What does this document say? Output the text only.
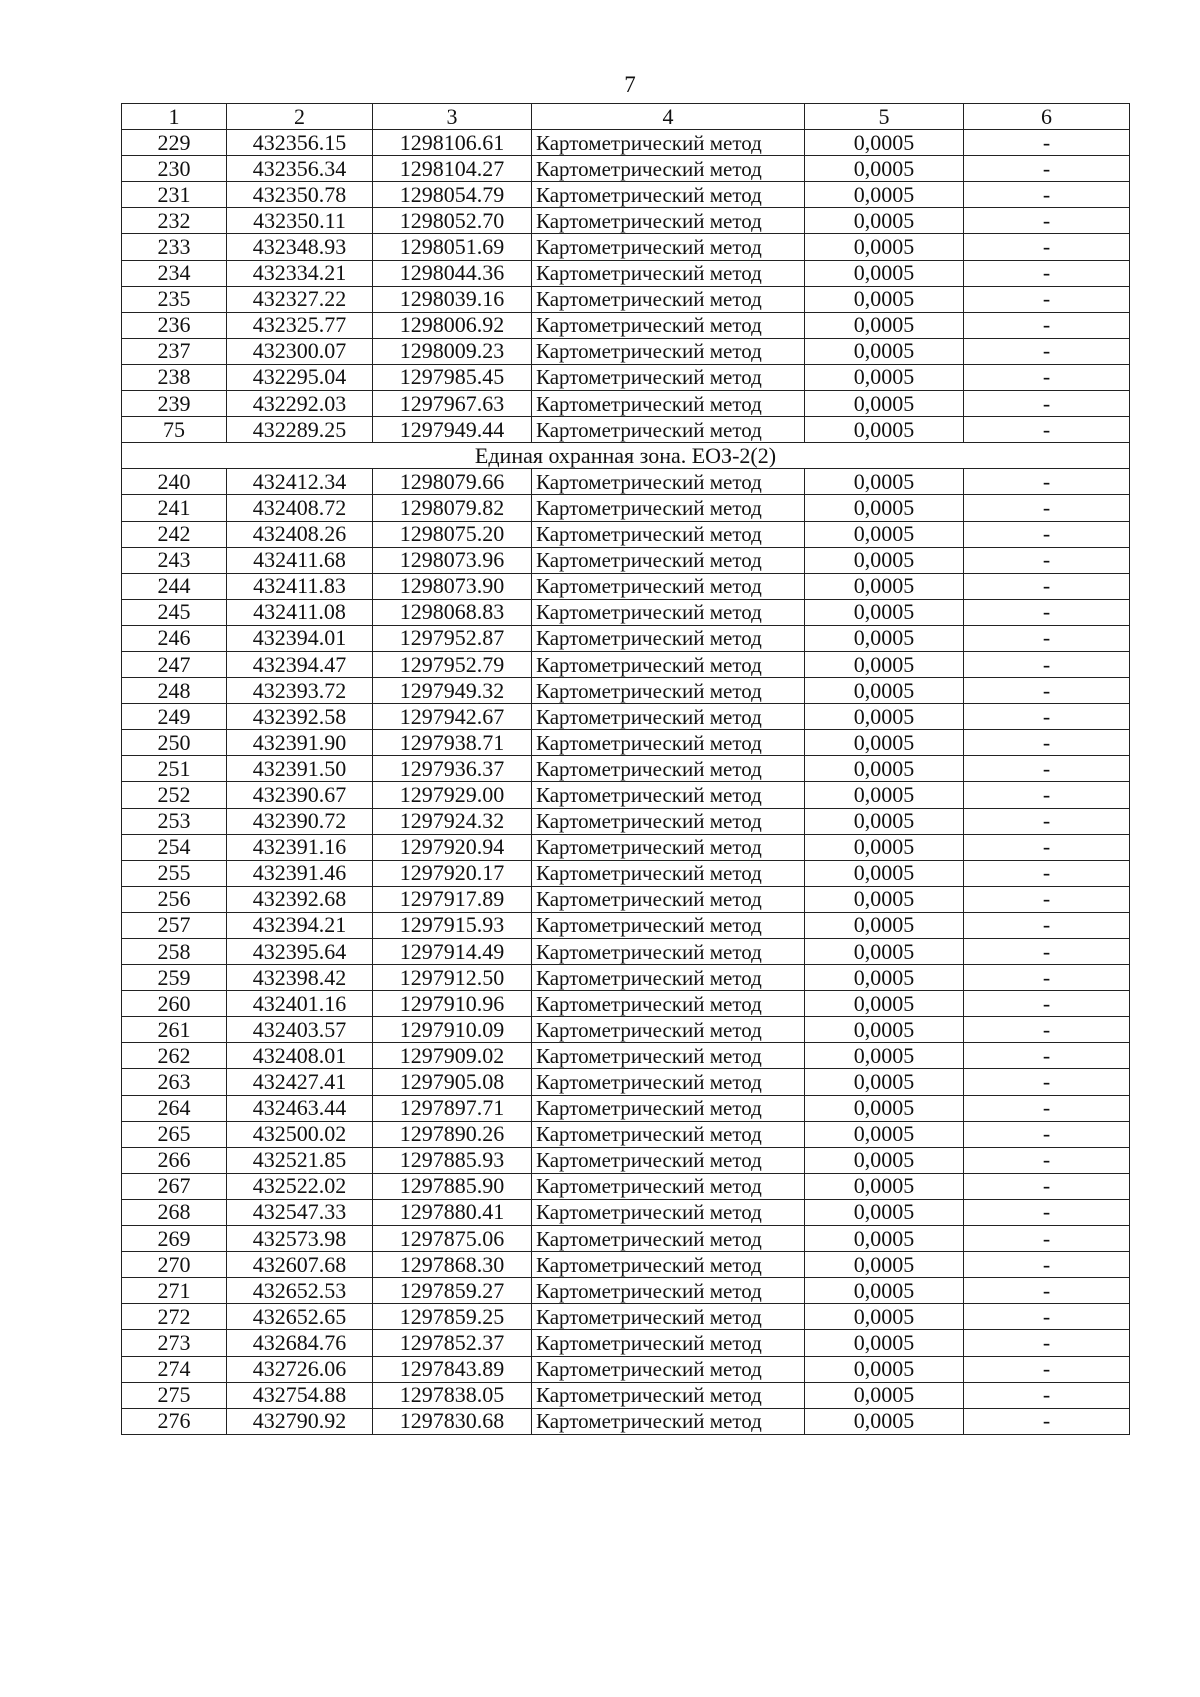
7
1	2	3	4	5	6
229	432356.15	1298106.61	Картометрический метод	0,0005	-
230	432356.34	1298104.27	Картометрический метод	0,0005	-
231	432350.78	1298054.79	Картометрический метод	0,0005	-
232	432350.11	1298052.70	Картометрический метод	0,0005	-
233	432348.93	1298051.69	Картометрический метод	0,0005	-
234	432334.21	1298044.36	Картометрический метод	0,0005	-
235	432327.22	1298039.16	Картометрический метод	0,0005	-
236	432325.77	1298006.92	Картометрический метод	0,0005	-
237	432300.07	1298009.23	Картометрический метод	0,0005	-
238	432295.04	1297985.45	Картометрический метод	0,0005	-
239	432292.03	1297967.63	Картометрический метод	0,0005	-
75	432289.25	1297949.44	Картометрический метод	0,0005	-
Единая охранная зона. ЕОЗ-2(2)					
240	432412.34	1298079.66	Картометрический метод	0,0005	-
241	432408.72	1298079.82	Картометрический метод	0,0005	-
242	432408.26	1298075.20	Картометрический метод	0,0005	-
243	432411.68	1298073.96	Картометрический метод	0,0005	-
244	432411.83	1298073.90	Картометрический метод	0,0005	-
245	432411.08	1298068.83	Картометрический метод	0,0005	-
246	432394.01	1297952.87	Картометрический метод	0,0005	-
247	432394.47	1297952.79	Картометрический метод	0,0005	-
248	432393.72	1297949.32	Картометрический метод	0,0005	-
249	432392.58	1297942.67	Картометрический метод	0,0005	-
250	432391.90	1297938.71	Картометрический метод	0,0005	-
251	432391.50	1297936.37	Картометрический метод	0,0005	-
252	432390.67	1297929.00	Картометрический метод	0,0005	-
253	432390.72	1297924.32	Картометрический метод	0,0005	-
254	432391.16	1297920.94	Картометрический метод	0,0005	-
255	432391.46	1297920.17	Картометрический метод	0,0005	-
256	432392.68	1297917.89	Картометрический метод	0,0005	-
257	432394.21	1297915.93	Картометрический метод	0,0005	-
258	432395.64	1297914.49	Картометрический метод	0,0005	-
259	432398.42	1297912.50	Картометрический метод	0,0005	-
260	432401.16	1297910.96	Картометрический метод	0,0005	-
261	432403.57	1297910.09	Картометрический метод	0,0005	-
262	432408.01	1297909.02	Картометрический метод	0,0005	-
263	432427.41	1297905.08	Картометрический метод	0,0005	-
264	432463.44	1297897.71	Картометрический метод	0,0005	-
265	432500.02	1297890.26	Картометрический метод	0,0005	-
266	432521.85	1297885.93	Картометрический метод	0,0005	-
267	432522.02	1297885.90	Картометрический метод	0,0005	-
268	432547.33	1297880.41	Картометрический метод	0,0005	-
269	432573.98	1297875.06	Картометрический метод	0,0005	-
270	432607.68	1297868.30	Картометрический метод	0,0005	-
271	432652.53	1297859.27	Картометрический метод	0,0005	-
272	432652.65	1297859.25	Картометрический метод	0,0005	-
273	432684.76	1297852.37	Картометрический метод	0,0005	-
274	432726.06	1297843.89	Картометрический метод	0,0005	-
275	432754.88	1297838.05	Картометрический метод	0,0005	-
276	432790.92	1297830.68	Картометрический метод	0,0005	-
